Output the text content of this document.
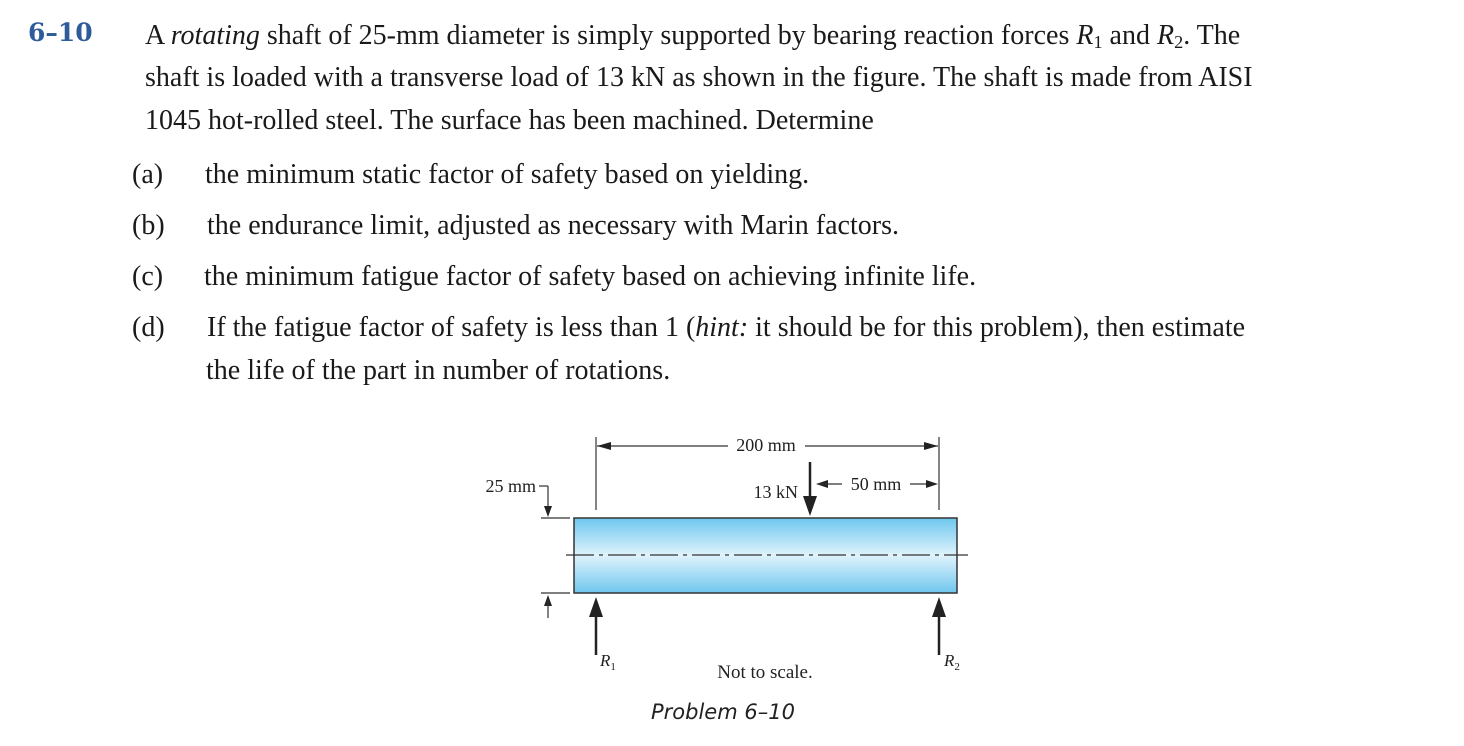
6–10 A rotating shaft of 25-mm diameter is simply supported by bearing reaction forces $R_1$ and $R_2$. The
shaft is loaded with a transverse load of 13 kN as shown in the figure. The shaft is made from AISI
1045 hot-rolled steel. The surface has been machined. Determine
(a) the minimum static factor of safety based on yielding.
(b) the endurance limit, adjusted as necessary with Marin factors.
(c) the minimum fatigue factor of safety based on achieving infinite life.
(d) If the fatigue factor of safety is less than 1 (hint: it should be for this problem), then estimate
the life of the part in number of rotations.
200 mm
13 kN	50 mm
25 mm
$R_1$	$R_2$
Not to scale.
Problem 6–10
